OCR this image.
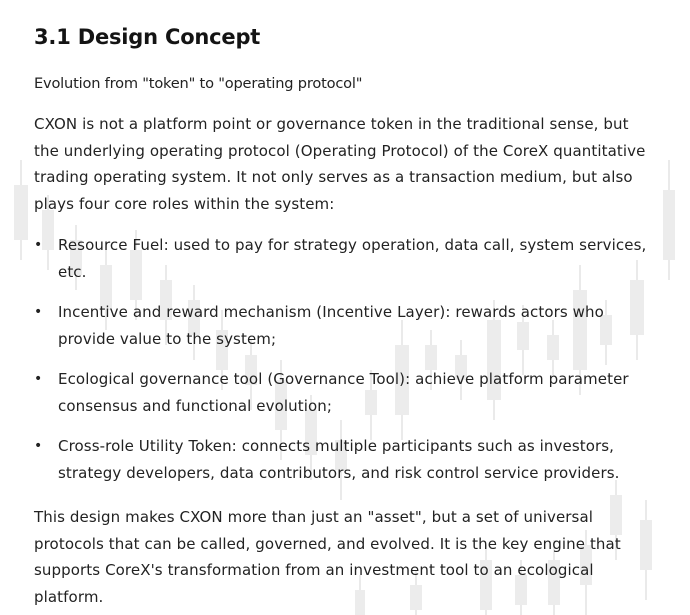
3.1 Design Concept

Evolution from "token" to "operating protocol"

CXON is not a platform point or governance token in the traditional sense, but the underlying operating protocol (Operating Protocol) of the CoreX quantitative trading operating system. It not only serves as a transaction medium, but also plays four core roles within the system:

• Resource Fuel: used to pay for strategy operation, data call, system services, etc.
• Incentive and reward mechanism (Incentive Layer): rewards actors who provide value to the system;
• Ecological governance tool (Governance Tool): achieve platform parameter consensus and functional evolution;
• Cross-role Utility Token: connects multiple participants such as investors, strategy developers, data contributors, and risk control service providers.

This design makes CXON more than just an "asset", but a set of universal protocols that can be called, governed, and evolved. It is the key engine that supports CoreX's transformation from an investment tool to an ecological platform.
